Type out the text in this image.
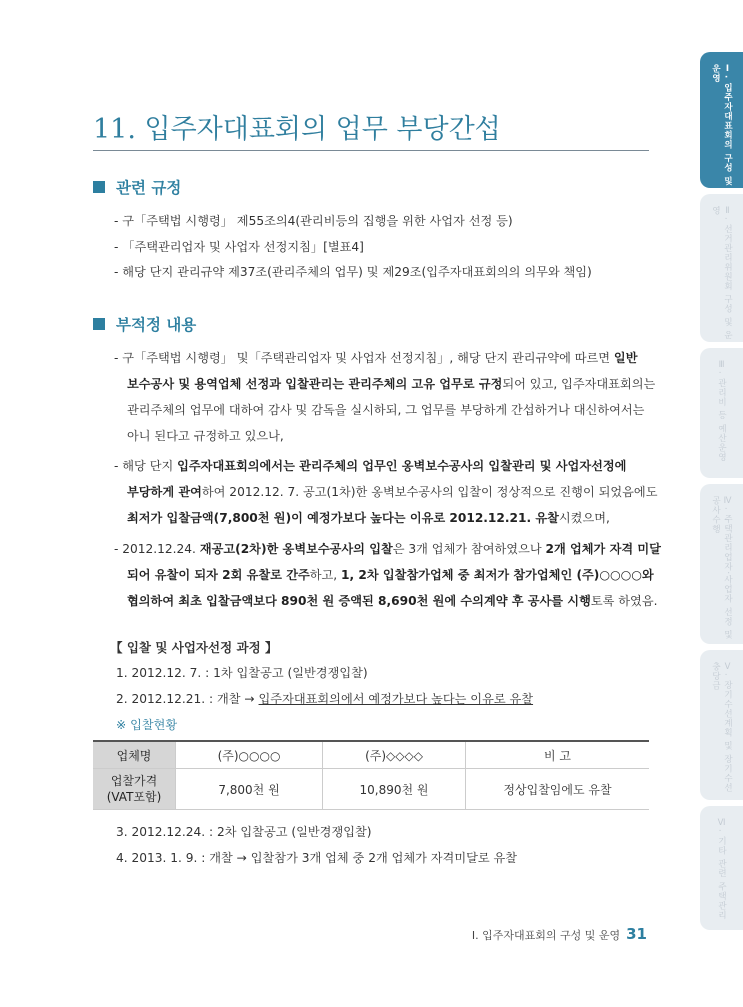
Ⅰ. 입주자대표회의 구성 및 운영
Ⅱ. 선거관리위원회 구성 및 운영
Ⅲ. 관리비 등 예산운영
Ⅳ. 주택관리업자·사업자 선정 및 공사수행
Ⅴ. 장기수선계획 및 장기수선충당금
Ⅵ. 기타 관련 주택관리
11. 입주자대표회의 업무 부당간섭
관련 규정
- 구「주택법 시행령」 제55조의4(관리비등의 집행을 위한 사업자 선정 등)
- 「주택관리업자 및 사업자 선정지침」[별표4]
- 해당 단지 관리규약 제37조(관리주체의 업무) 및 제29조(입주자대표회의의 의무와 책임)
부적정 내용
- 구「주택법 시행령」 및「주택관리업자 및 사업자 선정지침」, 해당 단지 관리규약에 따르면 일반
보수공사 및 용역업체 선정과 입찰관리는 관리주체의 고유 업무로 규정되어 있고, 입주자대표회의는
관리주체의 업무에 대하여 감사 및 감독을 실시하되, 그 업무를 부당하게 간섭하거나 대신하여서는
아니 된다고 규정하고 있으나,
- 해당 단지 입주자대표회의에서는 관리주체의 업무인 옹벽보수공사의 입찰관리 및 사업자선정에
부당하게 관여하여 2012.12. 7. 공고(1차)한 옹벽보수공사의 입찰이 정상적으로 진행이 되었음에도
최저가 입찰금액(7,800천 원)이 예정가보다 높다는 이유로 2012.12.21. 유찰시켰으며,
- 2012.12.24. 재공고(2차)한 옹벽보수공사의 입찰은 3개 업체가 참여하였으나 2개 업체가 자격 미달
되어 유찰이 되자 2회 유찰로 간주하고, 1, 2차 입찰참가업체 중 최저가 참가업체인 (주)○○○○와
협의하여 최초 입찰금액보다 890천 원 증액된 8,690천 원에 수의계약 후 공사를 시행토록 하였음.
【 입찰 및 사업자선정 과정 】
1. 2012.12. 7. : 1차 입찰공고 (일반경쟁입찰)
2. 2012.12.21. : 개찰 → 입주자대표회의에서 예정가보다 높다는 이유로 유찰
※ 입찰현황
업체명	(주)○○○○	(주)◇◇◇◇	비 고
업찰가격
(VAT포함)	7,800천 원	10,890천 원	정상입찰임에도 유찰
3. 2012.12.24. : 2차 입찰공고 (일반경쟁입찰)
4. 2013. 1. 9. : 개찰 → 입찰참가 3개 업체 중 2개 업체가 자격미달로 유찰
Ⅰ. 입주자대표회의 구성 및 운영 31
